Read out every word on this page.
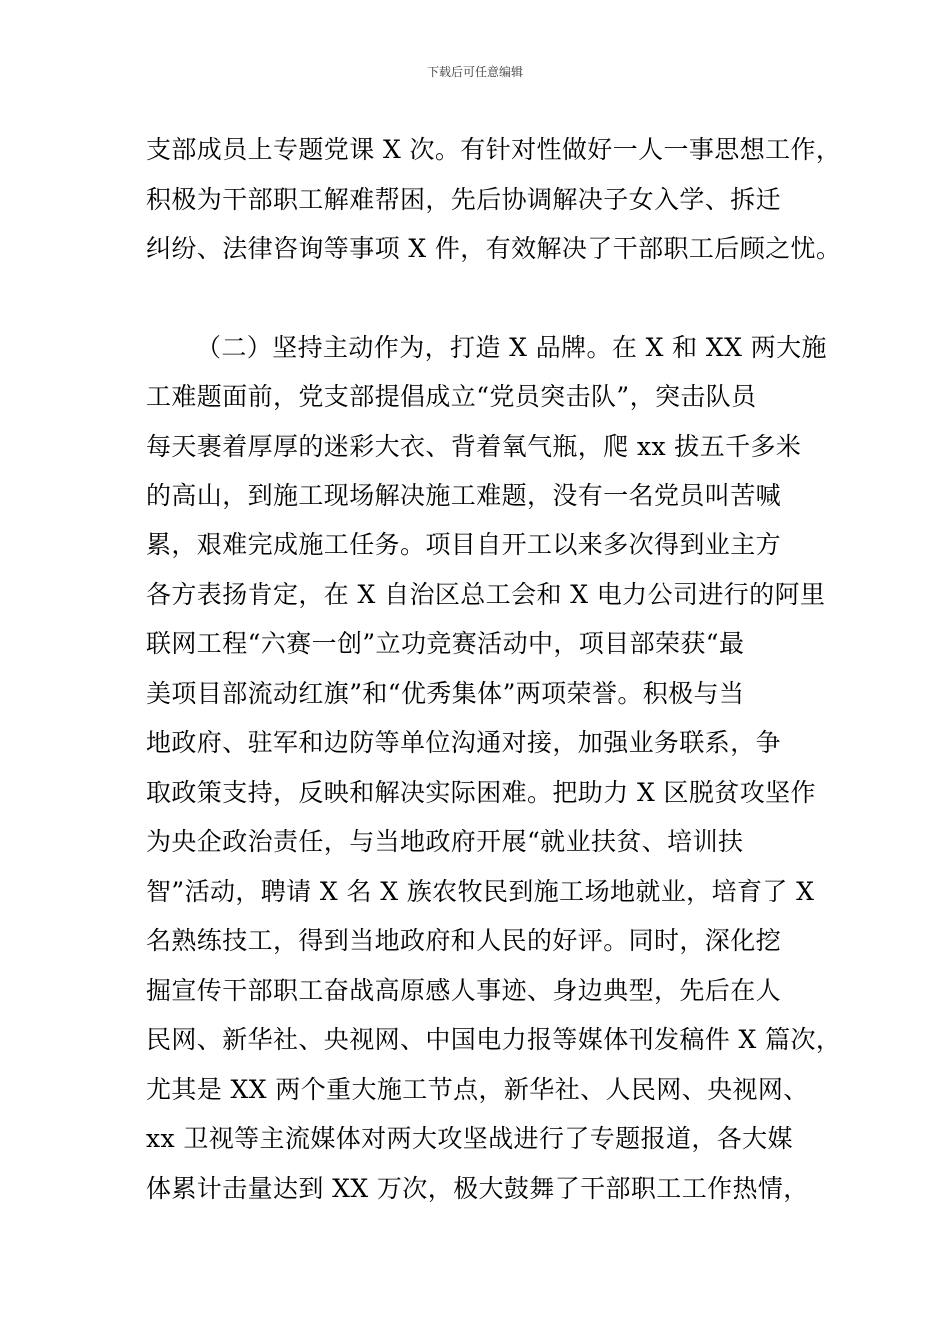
下载后可任意编辑
支部成员上专题党课 X 次。有针对性做好一人一事思想工作，
积极为干部职工解难帮困，先后协调解决子女入学、拆迁
纠纷、法律咨询等事项 X 件，有效解决了干部职工后顾之忧。
（二）坚持主动作为，打造 X 品牌。在 X 和 XX 两大施
工难题面前，党支部提倡成立“党员突击队”，突击队员
每天裹着厚厚的迷彩大衣、背着氧气瓶，爬 xx 拔五千多米
的高山，到施工现场解决施工难题，没有一名党员叫苦喊
累，艰难完成施工任务。项目自开工以来多次得到业主方
各方表扬肯定，在 X 自治区总工会和 X 电力公司进行的阿里
联网工程“六赛一创”立功竞赛活动中，项目部荣获“最
美项目部流动红旗”和“优秀集体”两项荣誉。积极与当
地政府、驻军和边防等单位沟通对接，加强业务联系，争
取政策支持，反映和解决实际困难。把助力 X 区脱贫攻坚作
为央企政治责任，与当地政府开展“就业扶贫、培训扶
智”活动，聘请 X 名 X 族农牧民到施工场地就业，培育了 X
名熟练技工，得到当地政府和人民的好评。同时，深化挖
掘宣传干部职工奋战高原感人事迹、身边典型，先后在人
民网、新华社、央视网、中国电力报等媒体刊发稿件 X 篇次，
尤其是 XX 两个重大施工节点，新华社、人民网、央视网、
xx 卫视等主流媒体对两大攻坚战进行了专题报道，各大媒
体累计击量达到 XX 万次，极大鼓舞了干部职工工作热情，
